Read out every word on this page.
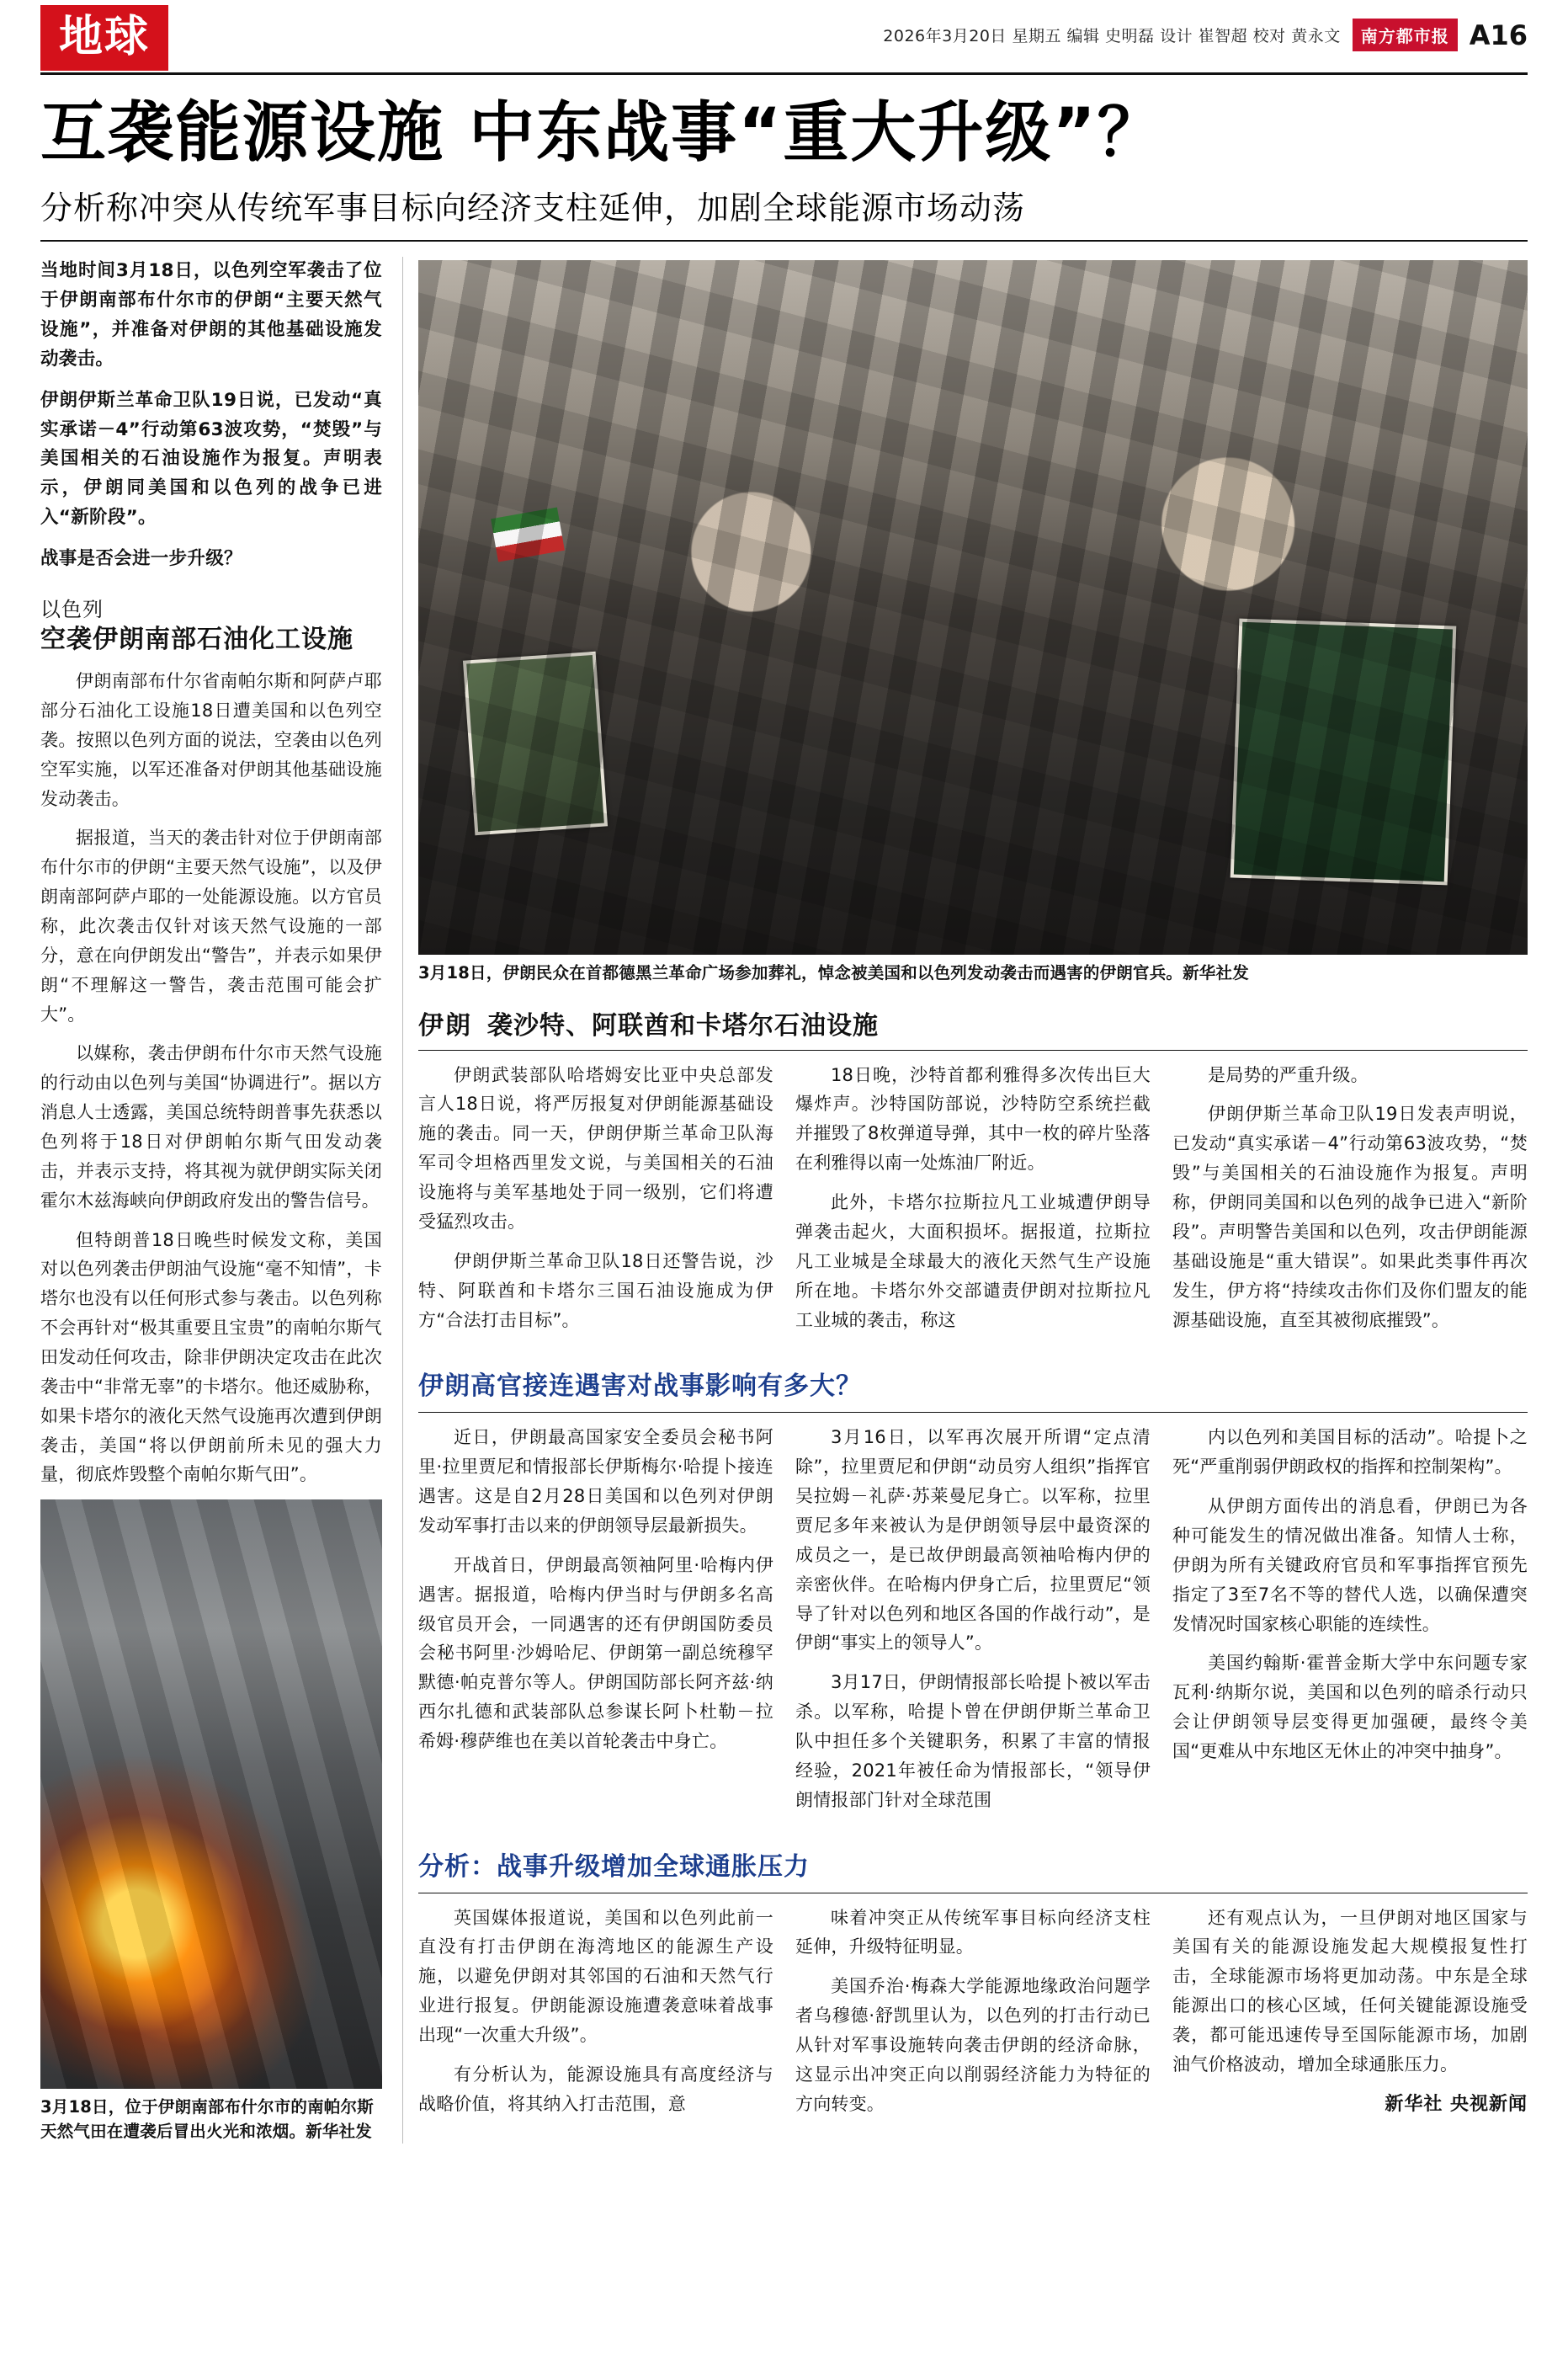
地球	2026年3月20日 星期五 编辑 史明磊 设计 崔智超 校对 黄永文	南方都市报 A16
互袭能源设施 中东战事“重大升级”？
分析称冲突从传统军事目标向经济支柱延伸，加剧全球能源市场动荡

当地时间3月18日，以色列空军袭击了位于伊朗南部布什尔市的伊朗“主要天然气设施”，并准备对伊朗的其他基础设施发动袭击。

伊朗伊斯兰革命卫队19日说，已发动“真实承诺－4”行动第63波攻势，“焚毁”与美国相关的石油设施作为报复。声明表示，伊朗同美国和以色列的战争已进入“新阶段”。

战事是否会进一步升级？

以色列
空袭伊朗南部石油化工设施

伊朗南部布什尔省南帕尔斯和阿萨卢耶部分石油化工设施18日遭美国和以色列空袭。按照以色列方面的说法，空袭由以色列空军实施，以军还准备对伊朗其他基础设施发动袭击。

据报道，当天的袭击针对位于伊朗南部布什尔市的伊朗“主要天然气设施”，以及伊朗南部阿萨卢耶的一处能源设施。以方官员称，此次袭击仅针对该天然气设施的一部分，意在向伊朗发出“警告”，并表示如果伊朗“不理解这一警告，袭击范围可能会扩大”。

以媒称，袭击伊朗布什尔市天然气设施的行动由以色列与美国“协调进行”。据以方消息人士透露，美国总统特朗普事先获悉以色列将于18日对伊朗帕尔斯气田发动袭击，并表示支持，将其视为就伊朗实际关闭霍尔木兹海峡向伊朗政府发出的警告信号。

但特朗普18日晚些时候发文称，美国对以色列袭击伊朗油气设施“毫不知情”，卡塔尔也没有以任何形式参与袭击。以色列称不会再针对“极其重要且宝贵”的南帕尔斯气田发动任何攻击，除非伊朗决定攻击在此次袭击中“非常无辜”的卡塔尔。他还威胁称，如果卡塔尔的液化天然气设施再次遭到伊朗袭击，美国“将以伊朗前所未见的强大力量，彻底炸毁整个南帕尔斯气田”。

3月18日，位于伊朗南部布什尔市的南帕尔斯天然气田在遭袭后冒出火光和浓烟。新华社发
3月18日，伊朗民众在首都德黑兰革命广场参加葬礼，悼念被美国和以色列发动袭击而遇害的伊朗官兵。新华社发
伊朗 袭沙特、阿联酋和卡塔尔石油设施

伊朗武装部队哈塔姆安比亚中央总部发言人18日说，将严厉报复对伊朗能源基础设施的袭击。同一天，伊朗伊斯兰革命卫队海军司令坦格西里发文说，与美国相关的石油设施将与美军基地处于同一级别，它们将遭受猛烈攻击。

伊朗伊斯兰革命卫队18日还警告说，沙特、阿联酋和卡塔尔三国石油设施成为伊方“合法打击目标”。

18日晚，沙特首都利雅得多次传出巨大爆炸声。沙特国防部说，沙特防空系统拦截并摧毁了8枚弹道导弹，其中一枚的碎片坠落在利雅得以南一处炼油厂附近。

此外，卡塔尔拉斯拉凡工业城遭伊朗导弹袭击起火，大面积损坏。据报道，拉斯拉凡工业城是全球最大的液化天然气生产设施所在地。卡塔尔外交部谴责伊朗对拉斯拉凡工业城的袭击，称这

是局势的严重升级。

伊朗伊斯兰革命卫队19日发表声明说，已发动“真实承诺－4”行动第63波攻势，“焚毁”与美国相关的石油设施作为报复。声明称，伊朗同美国和以色列的战争已进入“新阶段”。声明警告美国和以色列，攻击伊朗能源基础设施是“重大错误”。如果此类事件再次发生，伊方将“持续攻击你们及你们盟友的能源基础设施，直至其被彻底摧毁”。

伊朗高官接连遇害对战事影响有多大？

近日，伊朗最高国家安全委员会秘书阿里·拉里贾尼和情报部长伊斯梅尔·哈提卜接连遇害。这是自2月28日美国和以色列对伊朗发动军事打击以来的伊朗领导层最新损失。

开战首日，伊朗最高领袖阿里·哈梅内伊遇害。据报道，哈梅内伊当时与伊朗多名高级官员开会，一同遇害的还有伊朗国防委员会秘书阿里·沙姆哈尼、伊朗第一副总统穆罕默德·帕克普尔等人。伊朗国防部长阿齐兹·纳西尔扎德和武装部队总参谋长阿卜杜勒－拉希姆·穆萨维也在美以首轮袭击中身亡。

3月16日，以军再次展开所谓“定点清除”，拉里贾尼和伊朗“动员穷人组织”指挥官吴拉姆－礼萨·苏莱曼尼身亡。以军称，拉里贾尼多年来被认为是伊朗领导层中最资深的成员之一，是已故伊朗最高领袖哈梅内伊的亲密伙伴。在哈梅内伊身亡后，拉里贾尼“领导了针对以色列和地区各国的作战行动”，是伊朗“事实上的领导人”。

3月17日，伊朗情报部长哈提卜被以军击杀。以军称，哈提卜曾在伊朗伊斯兰革命卫队中担任多个关键职务，积累了丰富的情报经验，2021年被任命为情报部长，“领导伊朗情报部门针对全球范围

内以色列和美国目标的活动”。哈提卜之死“严重削弱伊朗政权的指挥和控制架构”。

从伊朗方面传出的消息看，伊朗已为各种可能发生的情况做出准备。知情人士称，伊朗为所有关键政府官员和军事指挥官预先指定了3至7名不等的替代人选，以确保遭突发情况时国家核心职能的连续性。

美国约翰斯·霍普金斯大学中东问题专家瓦利·纳斯尔说，美国和以色列的暗杀行动只会让伊朗领导层变得更加强硬，最终令美国“更难从中东地区无休止的冲突中抽身”。

分析：战事升级增加全球通胀压力

英国媒体报道说，美国和以色列此前一直没有打击伊朗在海湾地区的能源生产设施，以避免伊朗对其邻国的石油和天然气行业进行报复。伊朗能源设施遭袭意味着战事出现“一次重大升级”。

有分析认为，能源设施具有高度经济与战略价值，将其纳入打击范围，意

味着冲突正从传统军事目标向经济支柱延伸，升级特征明显。

美国乔治·梅森大学能源地缘政治问题学者乌穆德·舒凯里认为，以色列的打击行动已从针对军事设施转向袭击伊朗的经济命脉，这显示出冲突正向以削弱经济能力为特征的方向转变。

还有观点认为，一旦伊朗对地区国家与美国有关的能源设施发起大规模报复性打击，全球能源市场将更加动荡。中东是全球能源出口的核心区域，任何关键能源设施受袭，都可能迅速传导至国际能源市场，加剧油气价格波动，增加全球通胀压力。

新华社 央视新闻
